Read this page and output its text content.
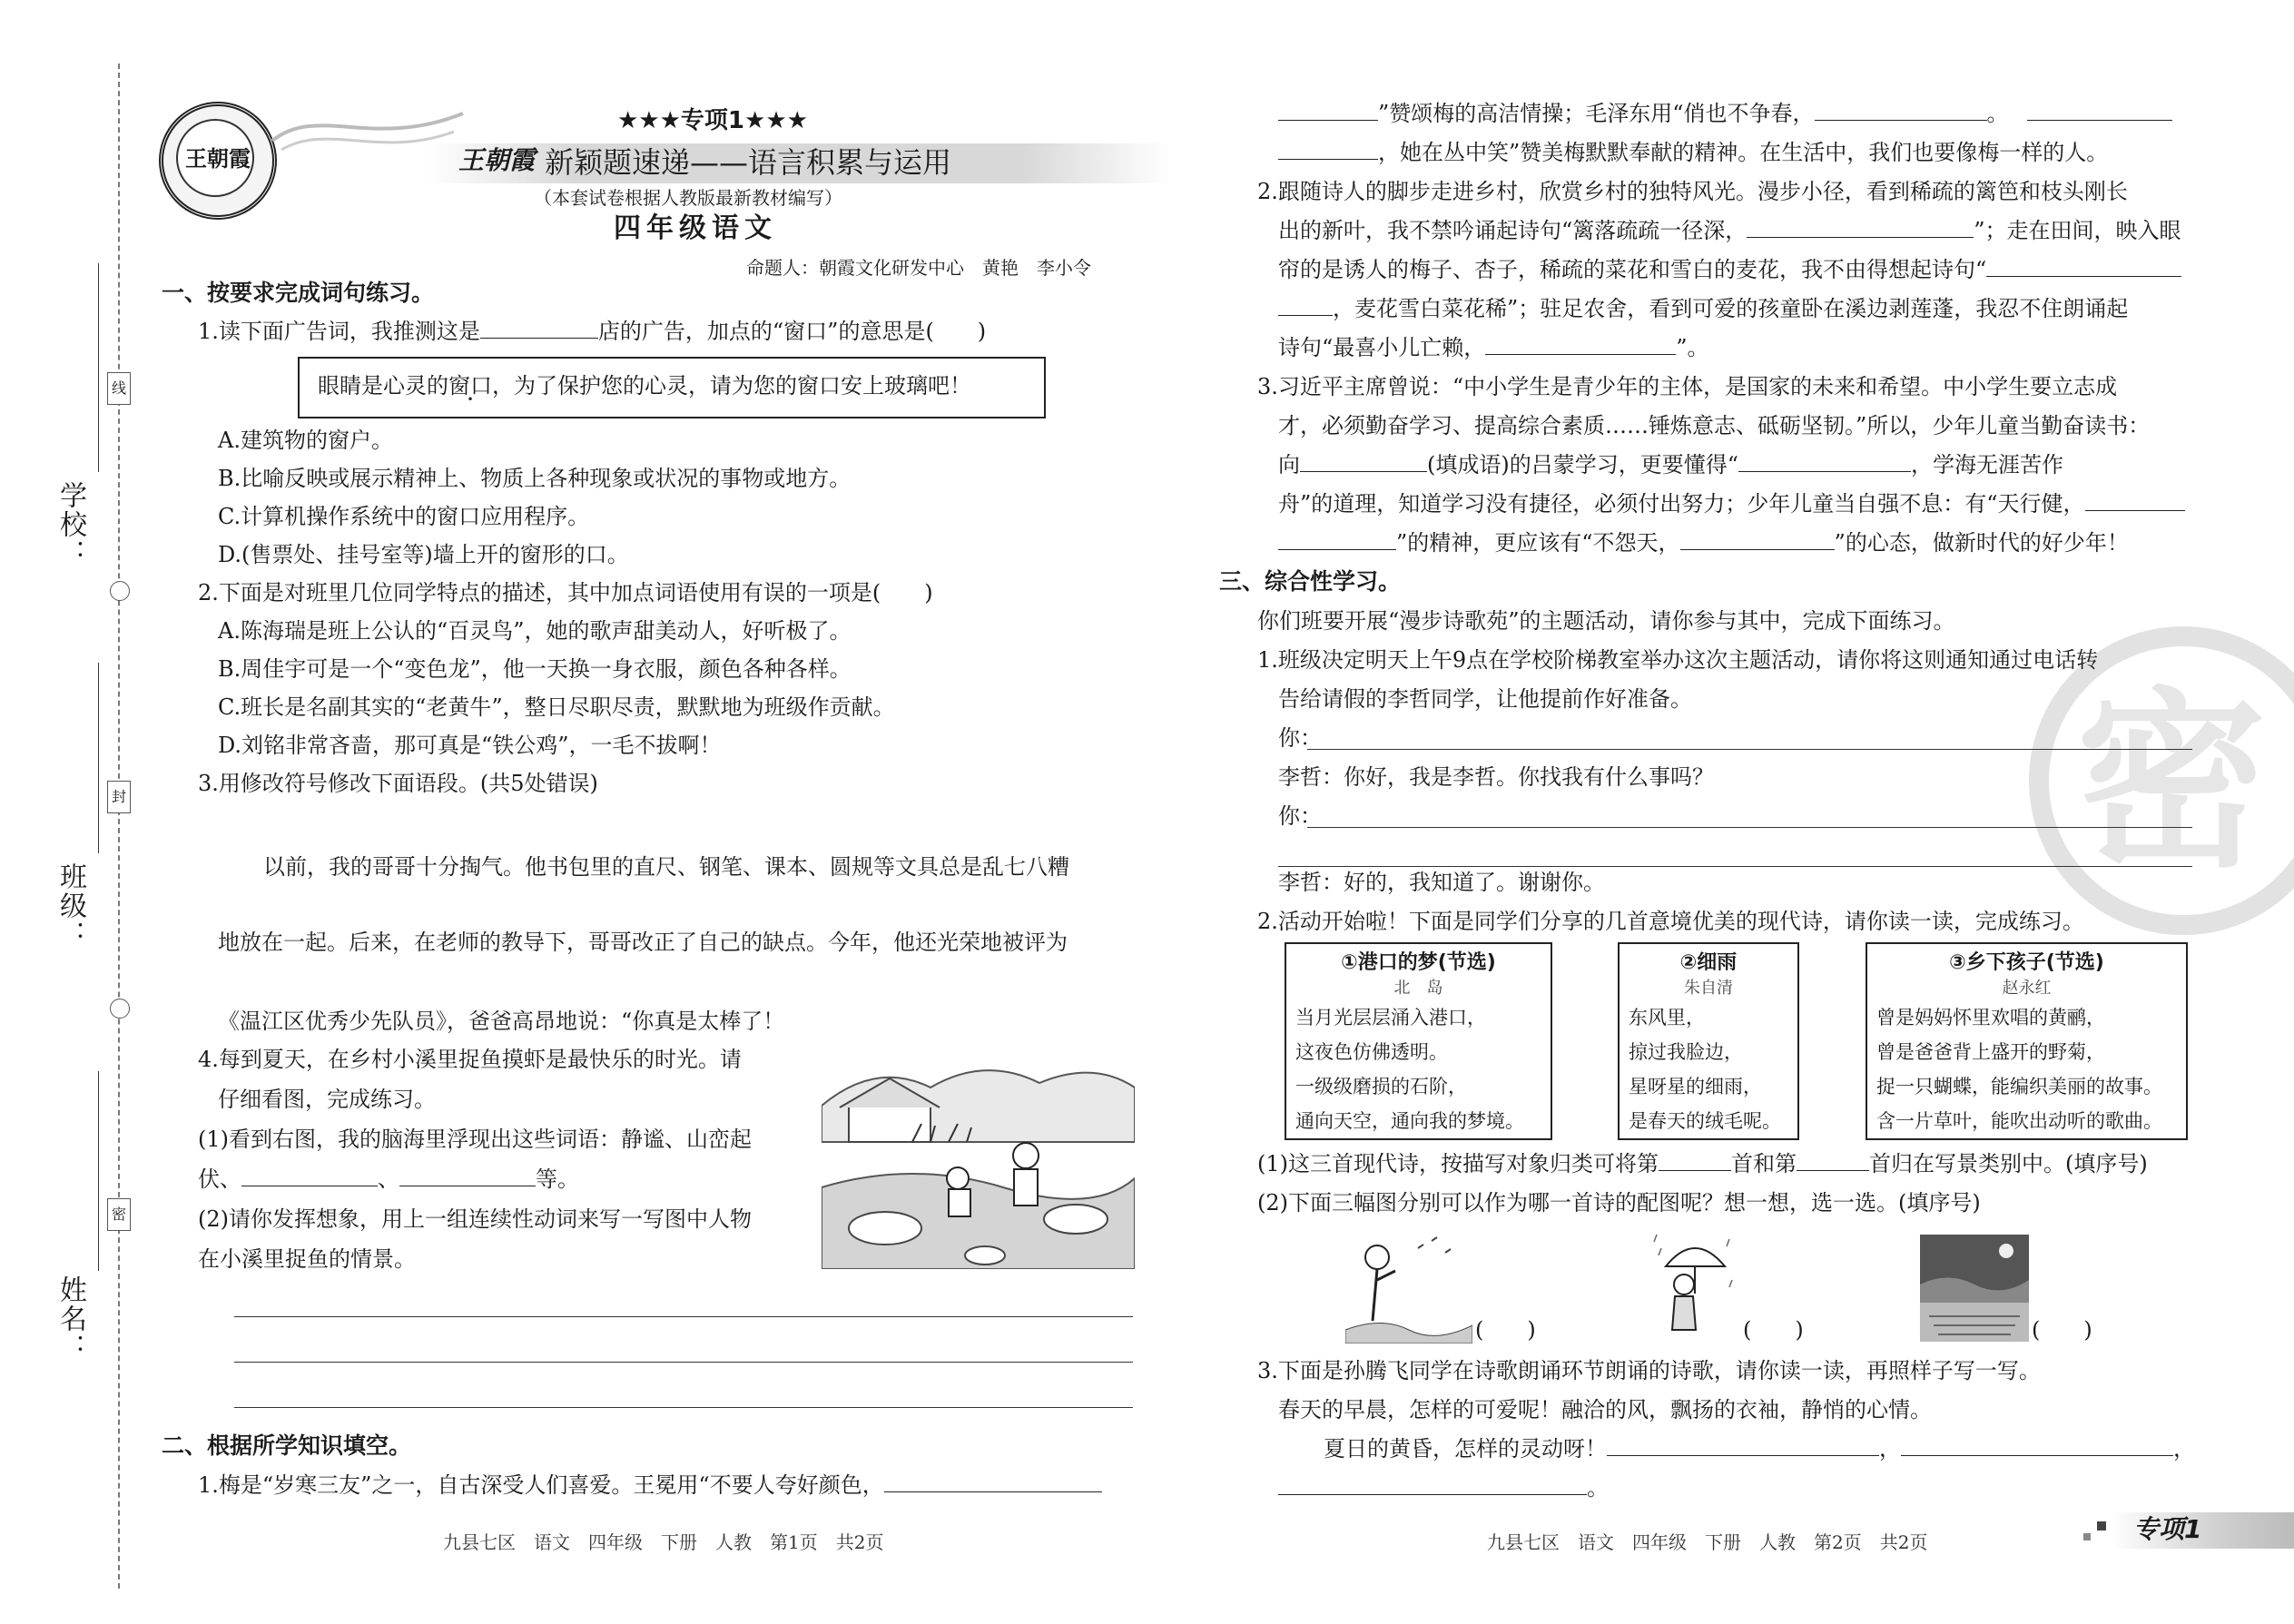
线
封
密
学校：
班级：
姓名：
王朝霞
★★★专项1★★★
王朝霞 新颖题速递——语言积累与运用
（本套试卷根据人教版最新教材编写）
四年级语文
命题人：朝霞文化研发中心　黄艳　李小令
一、按要求完成词句练习。
1.读下面广告词，我推测这是	店的广告，加点的“窗口”的意思是(　　)
眼睛是心灵的窗口，为了保护您的心灵，请为您的窗口安上玻璃吧！
A.建筑物的窗户。
B.比喻反映或展示精神上、物质上各种现象或状况的事物或地方。
C.计算机操作系统中的窗口应用程序。
D.(售票处、挂号室等)墙上开的窗形的口。
2.下面是对班里几位同学特点的描述，其中加点词语使用有误的一项是(　　)
A.陈海瑞是班上公认的“百灵鸟”，她的歌声甜美动人，好听极了。
B.周佳宇可是一个“变色龙”，他一天换一身衣服，颜色各种各样。
C.班长是名副其实的“老黄牛”，整日尽职尽责，默默地为班级作贡献。
D.刘铭非常吝啬，那可真是“铁公鸡”，一毛不拔啊！
3.用修改符号修改下面语段。(共5处错误)
以前，我的哥哥十分掏气。他书包里的直尺、钢笔、课本、圆规等文具总是乱七八糟
地放在一起。后来，在老师的教导下，哥哥改正了自己的缺点。今年，他还光荣地被评为
《温江区优秀少先队员》，爸爸高昂地说：“你真是太棒了！
4.每到夏天，在乡村小溪里捉鱼摸虾是最快乐的时光。请
仔细看图，完成练习。
(1)看到右图，我的脑海里浮现出这些词语：静谧、山峦起
伏、	、	等。
(2)请你发挥想象，用上一组连续性动词来写一写图中人物
在小溪里捉鱼的情景。
二、根据所学知识填空。
1.梅是“岁寒三友”之一，自古深受人们喜爱。王冕用“不要人夸好颜色，
九县七区　语文　四年级　下册　人教　第1页　共2页
密
”赞颂梅的高洁情操；毛泽东用“俏也不争春，	。
，她在丛中笑”赞美梅默默奉献的精神。在生活中，我们也要像梅一样的人。
2.跟随诗人的脚步走进乡村，欣赏乡村的独特风光。漫步小径，看到稀疏的篱笆和枝头刚长
出的新叶，我不禁吟诵起诗句“篱落疏疏一径深，	”；走在田间，映入眼
帘的是诱人的梅子、杏子，稀疏的菜花和雪白的麦花，我不由得想起诗句“
，麦花雪白菜花稀”；驻足农舍，看到可爱的孩童卧在溪边剥莲蓬，我忍不住朗诵起
诗句“最喜小儿亡赖，	”。
3.习近平主席曾说：“中小学生是青少年的主体，是国家的未来和希望。中小学生要立志成
才，必须勤奋学习、提高综合素质……锤炼意志、砥砺坚韧。”所以，少年儿童当勤奋读书：
向	(填成语)的吕蒙学习，更要懂得“	，学海无涯苦作
舟”的道理，知道学习没有捷径，必须付出努力；少年儿童当自强不息：有“天行健，
”的精神，更应该有“不怨天，	”的心态，做新时代的好少年！
三、综合性学习。
你们班要开展“漫步诗歌苑”的主题活动，请你参与其中，完成下面练习。
1.班级决定明天上午9点在学校阶梯教室举办这次主题活动，请你将这则通知通过电话转
告给请假的李哲同学，让他提前作好准备。
你：
李哲：你好，我是李哲。你找我有什么事吗？
你：
李哲：好的，我知道了。谢谢你。
2.活动开始啦！下面是同学们分享的几首意境优美的现代诗，请你读一读，完成练习。
①港口的梦(节选)
北　岛
当月光层层涌入港口，
这夜色仿佛透明。
一级级磨损的石阶，
通向天空，通向我的梦境。
②细雨
朱自清
东风里，
掠过我脸边，
星呀星的细雨，
是春天的绒毛呢。
③乡下孩子(节选)
赵永红
曾是妈妈怀里欢唱的黄鹂，
曾是爸爸背上盛开的野菊，
捉一只蝴蝶，能编织美丽的故事。
含一片草叶，能吹出动听的歌曲。
(1)这三首现代诗，按描写对象归类可将第	首和第	首归在写景类别中。(填序号)
(2)下面三幅图分别可以作为哪一首诗的配图呢？想一想，选一选。(填序号)
(　　)	(　　)	(　　)
3.下面是孙腾飞同学在诗歌朗诵环节朗诵的诗歌，请你读一读，再照样子写一写。
春天的早晨，怎样的可爱呢！融洽的风，飘扬的衣袖，静悄的心情。
夏日的黄昏，怎样的灵动呀！	，	，
。
九县七区　语文　四年级　下册　人教　第2页　共2页	专项1
